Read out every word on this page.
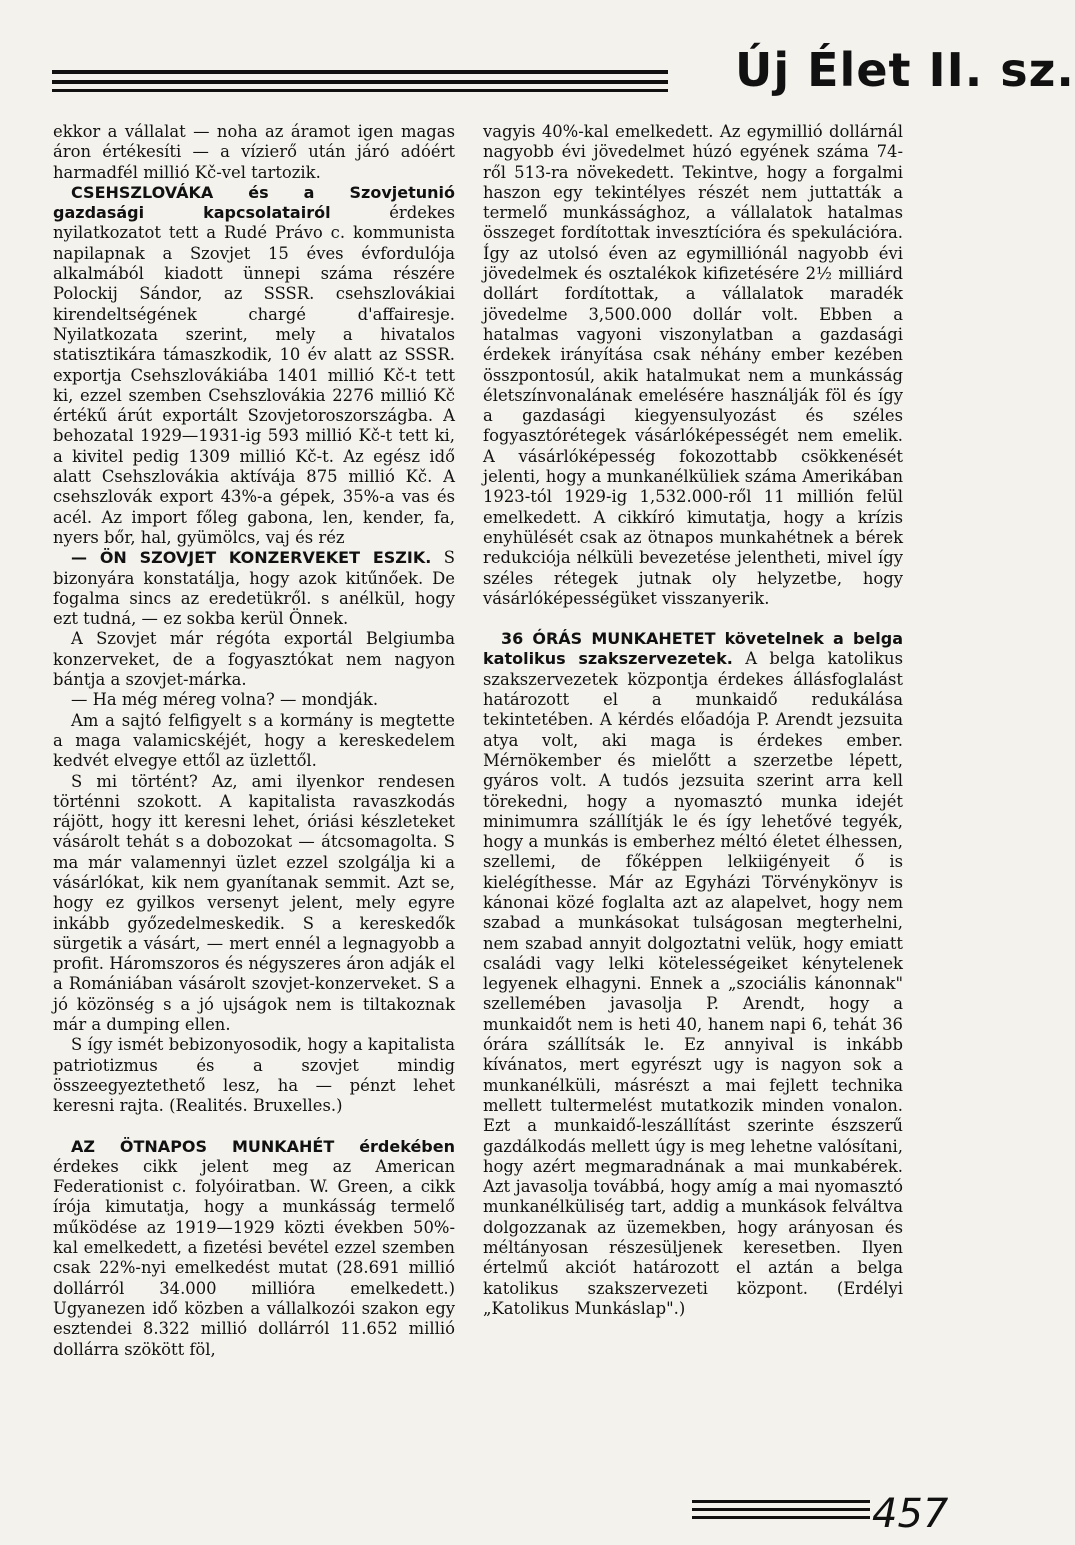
Új Élet II. sz.

ekkor a vállalat — noha az áramot igen magas áron értékesíti — a vízierő után járó adóért harmadfél millió Kč-vel tartozik.

CSEHSZLOVÁKA és a Szovjetunió gazdasági kapcsolatairól érdekes nyilatkozatot tett a Rudé Právo c. kommunista napilapnak a Szovjet 15 éves évfordulója alkalmából kiadott ünnepi száma részére Polockij Sándor, az SSSR. csehszlovákiai kirendeltségének chargé d'affairesje. Nyilatkozata szerint, mely a hivatalos statisztikára támaszkodik, 10 év alatt az SSSR. exportja Csehszlovákiába 1401 millió Kč-t tett ki, ezzel szemben Csehszlovákia 2276 millió Kč értékű árút exportált Szovjetoroszországba. A behozatal 1929—1931-ig 593 millió Kč-t tett ki, a kivitel pedig 1309 millió Kč-t. Az egész idő alatt Csehszlovákia aktívája 875 millió Kč. A csehszlovák export 43%-a gépek, 35%-a vas és acél. Az import főleg gabona, len, kender, fa, nyers bőr, hal, gyümölcs, vaj és réz

— ÖN SZOVJET KONZERVEKET ESZIK. S bizonyára konstatálja, hogy azok kitűnőek. De fogalma sincs az eredetükről. s anélkül, hogy ezt tudná, — ez sokba kerül Önnek.

A Szovjet már régóta exportál Belgiumba konzerveket, de a fogyasztókat nem nagyon bántja a szovjet-márka.

— Ha még méreg volna? — mondják.

Am a sajtó felfigyelt s a kormány is megtette a maga valamicskéjét, hogy a kereskedelem kedvét elvegye ettől az üzlettől.

S mi történt? Az, ami ilyenkor rendesen történni szokott. A kapitalista ravaszkodás rájött, hogy itt keresni lehet, óriási készleteket vásárolt tehát s a dobozokat — átcsomagolta. S ma már valamennyi üzlet ezzel szolgálja ki a vásárlókat, kik nem gyanítanak semmit. Azt se, hogy ez gyilkos versenyt jelent, mely egyre inkább győzedelmeskedik. S a kereskedők sürgetik a vásárt, — mert ennél a legnagyobb a profit. Háromszoros és négyszeres áron adják el a Romániában vásárolt szovjet-konzerveket. S a jó közönség s a jó ujságok nem is tiltakoznak már a dumping ellen.

S így ismét bebizonyosodik, hogy a kapitalista patriotizmus és a szovjet mindig összeegyeztethető lesz, ha — pénzt lehet keresni rajta. (Realités. Bruxelles.)

AZ ÖTNAPOS MUNKAHÉT érdekében érdekes cikk jelent meg az American Federationist c. folyóiratban. W. Green, a cikk írója kimutatja, hogy a munkásság termelő működése az 1919—1929 közti években 50%-kal emelkedett, a fizetési bevétel ezzel szemben csak 22%-nyi emelkedést mutat (28.691 millió dollárról 34.000 millióra emelkedett.) Ugyanezen idő közben a vállalkozói szakon egy esztendei 8.322 millió dollárról 11.652 millió dollárra szökött föl,

vagyis 40%-kal emelkedett. Az egymillió dollárnál nagyobb évi jövedelmet húzó egyének száma 74-ről 513-ra növekedett. Tekintve, hogy a forgalmi haszon egy tekintélyes részét nem juttatták a termelő munkássághoz, a vállalatok hatalmas összeget fordítottak invesztícióra és spekulációra. Így az utolsó éven az egymilliónál nagyobb évi jövedelmek és osztalékok kifizetésére 2½ milliárd dollárt fordítottak, a vállalatok maradék jövedelme 3,500.000 dollár volt. Ebben a hatalmas vagyoni viszonylatban a gazdasági érdekek irányítása csak néhány ember kezében összpontosúl, akik hatalmukat nem a munkásság életszínvonalának emelésére használják föl és így a gazdasági kiegyensulyozást és széles fogyasztórétegek vásárlóképességét nem emelik. A vásárlóképesség fokozottabb csökkenését jelenti, hogy a munkanélküliek száma Amerikában 1923-tól 1929-ig 1,532.000-ről 11 millión felül emelkedett. A cikkíró kimutatja, hogy a krízis enyhülését csak az ötnapos munkahétnek a bérek redukciója nélküli bevezetése jelentheti, mivel így széles rétegek jutnak oly helyzetbe, hogy vásárlóképességüket visszanyerik.

36 ÓRÁS MUNKAHETET követelnek a belga katolikus szakszervezetek. A belga katolikus szakszervezetek központja érdekes állásfoglalást határozott el a munkaidő redukálása tekintetében. A kérdés előadója P. Arendt jezsuita atya volt, aki maga is érdekes ember. Mérnökember és mielőtt a szerzetbe lépett, gyáros volt. A tudós jezsuita szerint arra kell törekedni, hogy a nyomasztó munka idejét minimumra szállítják le és így lehetővé tegyék, hogy a munkás is emberhez méltó életet élhessen, szellemi, de főképpen lelkiigényeit ő is kielégíthesse. Már az Egyházi Törvénykönyv is kánonai közé foglalta azt az alapelvet, hogy nem szabad a munkásokat tulságosan megterhelni, nem szabad annyit dolgoztatni velük, hogy emiatt családi vagy lelki kötelességeiket kénytelenek legyenek elhagyni. Ennek a „szociális kánonnak" szellemében javasolja P. Arendt, hogy a munkaidőt nem is heti 40, hanem napi 6, tehát 36 órára szállítsák le. Ez annyival is inkább kívánatos, mert egyrészt ugy is nagyon sok a munkanélküli, másrészt a mai fejlett technika mellett tultermelést mutatkozik minden vonalon. Ezt a munkaidő-leszállítást szerinte észszerű gazdálkodás mellett úgy is meg lehetne valósítani, hogy azért megmaradnának a mai munkabérek. Azt javasolja továbbá, hogy amíg a mai nyomasztó munkanélküliség tart, addig a munkások felváltva dolgozzanak az üzemekben, hogy arányosan és méltányosan részesüljenek keresetben. Ilyen értelmű akciót határozott el aztán a belga katolikus szakszervezeti központ. (Erdélyi „Katolikus Munkáslap".)

457
